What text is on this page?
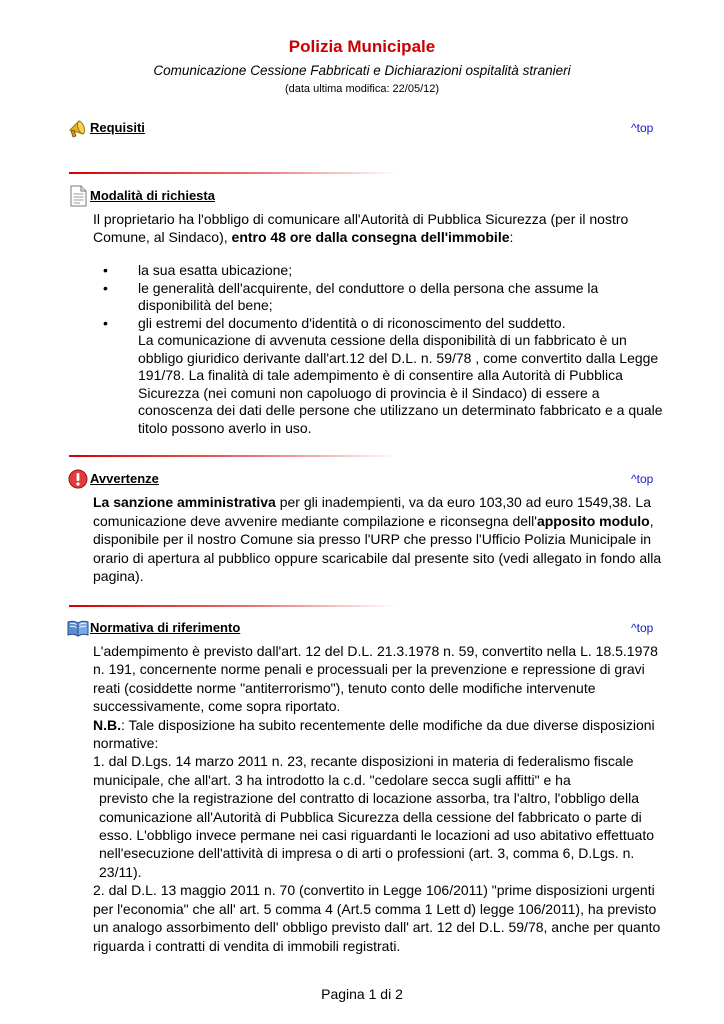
Polizia Municipale
Comunicazione Cessione Fabbricati e Dichiarazioni ospitalità stranieri
(data ultima modifica: 22/05/12)
Requisiti	^top
Modalità di richiesta

Il proprietario ha l'obbligo di comunicare all'Autorità di Pubblica Sicurezza (per il nostro Comune, al Sindaco), entro 48 ore dalla consegna dell'immobile:

• la sua esatta ubicazione;
• le generalità dell'acquirente, del conduttore o della persona che assume la disponibilità del bene;
• gli estremi del documento d'identità o di riconoscimento del suddetto.
La comunicazione di avvenuta cessione della disponibilità di un fabbricato è un obbligo giuridico derivante dall'art.12 del D.L. n. 59/78 , come convertito dalla Legge 191/78. La finalità di tale adempimento è di consentire alla Autorità di Pubblica Sicurezza (nei comuni non capoluogo di provincia è il Sindaco) di essere a conoscenza dei dati delle persone che utilizzano un determinato fabbricato e a quale titolo possono averlo in uso.
Avvertenze	^top

La sanzione amministrativa per gli inadempienti, va da euro 103,30 ad euro 1549,38. La comunicazione deve avvenire mediante compilazione e riconsegna dell'apposito modulo, disponibile per il nostro Comune sia presso l'URP che presso l'Ufficio Polizia Municipale in orario di apertura al pubblico oppure scaricabile dal presente sito (vedi allegato in fondo alla pagina).

Normativa di riferimento	^top

L'adempimento è previsto dall'art. 12 del D.L. 21.3.1978 n. 59, convertito nella L. 18.5.1978 n. 191, concernente norme penali e processuali per la prevenzione e repressione di gravi reati (cosiddette norme "antiterrorismo"), tenuto conto delle modifiche intervenute successivamente, come sopra riportato.

N.B.: Tale disposizione ha subito recentemente delle modifiche da due diverse disposizioni normative:

1. dal D.Lgs. 14 marzo 2011 n. 23, recante disposizioni in materia di federalismo fiscale municipale, che all'art. 3 ha introdotto la c.d. "cedolare secca sugli affitti" e ha

previsto che la registrazione del contratto di locazione assorba, tra l'altro, l'obbligo della comunicazione all'Autorità di Pubblica Sicurezza della cessione del fabbricato o parte di esso. L'obbligo invece permane nei casi riguardanti le locazioni ad uso abitativo effettuato nell'esecuzione dell'attività di impresa o di arti o professioni (art. 3, comma 6, D.Lgs. n. 23/11).

2. dal D.L. 13 maggio 2011 n. 70 (convertito in Legge 106/2011) "prime disposizioni urgenti per l'economia" che all' art. 5 comma 4 (Art.5 comma 1 Lett d) legge 106/2011), ha previsto un analogo assorbimento dell' obbligo previsto dall' art. 12 del D.L. 59/78, anche per quanto riguarda i contratti di vendita di immobili registrati.

Pagina 1 di 2
